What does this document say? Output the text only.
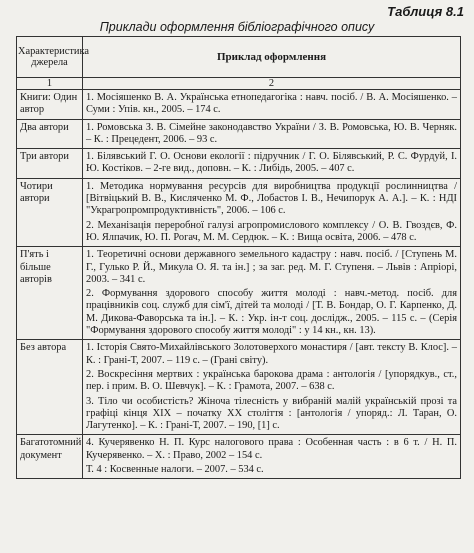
Таблиця 8.1
Приклади оформлення бібліографічного опису
Характеристика джерела	Приклад оформлення
1	2
Книги: Один автор	1. Мосіяшенко В. А. Українська етнопедагогіка : навч. посіб. / В. А. Мосіяшенко. – Суми : Упів. кн., 2005. – 174 с.

Два автори	1. Ромовська З. В. Сімейне законодавство України / З. В. Ромовська, Ю. В. Черняк. – К. : Прецедент, 2006. – 93 с.

Три автори	1. Білявський Г. О. Основи екології : підручник / Г. О. Білявський, Р. С. Фурдуй, І. Ю. Костіков. – 2-ге вид., доповн. – К. : Либідь, 2005. – 407 с.

Чотири автори	1. Методика нормування ресурсів для виробництва продукції рослинництва / [Вітвіцький В. В., Кисляченко М. Ф., Лобастов І. В., Нечипорук А. А.]. – К. : НДІ "Украгропромпродуктивність", 2006. – 106 с.

2. Механізація переробної галузі агропромислового комплексу / О. В. Гвоздєв, Ф. Ю. Ялпачик, Ю. П. Рогач, М. М. Сердюк. – К. : Вища освіта, 2006. – 478 с.

П'ять і більше авторів	1. Теоретичні основи державного земельного кадастру : навч. посіб. / [Ступень М. Г., Гулько Р. Й., Микула О. Я. та ін.] ; за заг. ред. М. Г. Ступеня. – Львів : Апріорі, 2003. – 341 с.

2. Формування здорового способу життя молоді : навч.-метод. посіб. для працівників соц. служб для сім'ї, дітей та молоді / [Т. В. Бондар, О. Г. Карпенко, Д. М. Дикова-Фаворська та ін.]. – К. : Укр. ін-т соц. дослідж., 2005. – 115 с. – (Серія "Формування здорового способу життя молоді" : у 14 кн., кн. 13).

Без автора	1. Історія Свято-Михайлівського Золотоверхого монастиря / [авт. тексту В. Клос]. – К. : Грані-Т, 2007. – 119 с. – (Грані світу).

2. Воскресіння мертвих : українська барокова драма : антологія / [упорядкув., ст., пер. і прим. В. О. Шевчук]. – К. : Грамота, 2007. – 638 с.

3. Тіло чи особистість? Жіноча тілесність у вибраній малій українській прозі та графіці кінця XIX – початку XX століття : [антологія / упоряд.: Л. Таран, О. Лагутенко]. – К. : Грані-Т, 2007. – 190, [1] с.

Багатотомний документ	4. Кучерявенко Н. П. Курс налогового права : Особенная часть : в 6 т. / Н. П. Кучерявенко. – Х. : Право, 2002 – 154 с.

Т. 4 : Косвенные налоги. – 2007. – 534 с.
